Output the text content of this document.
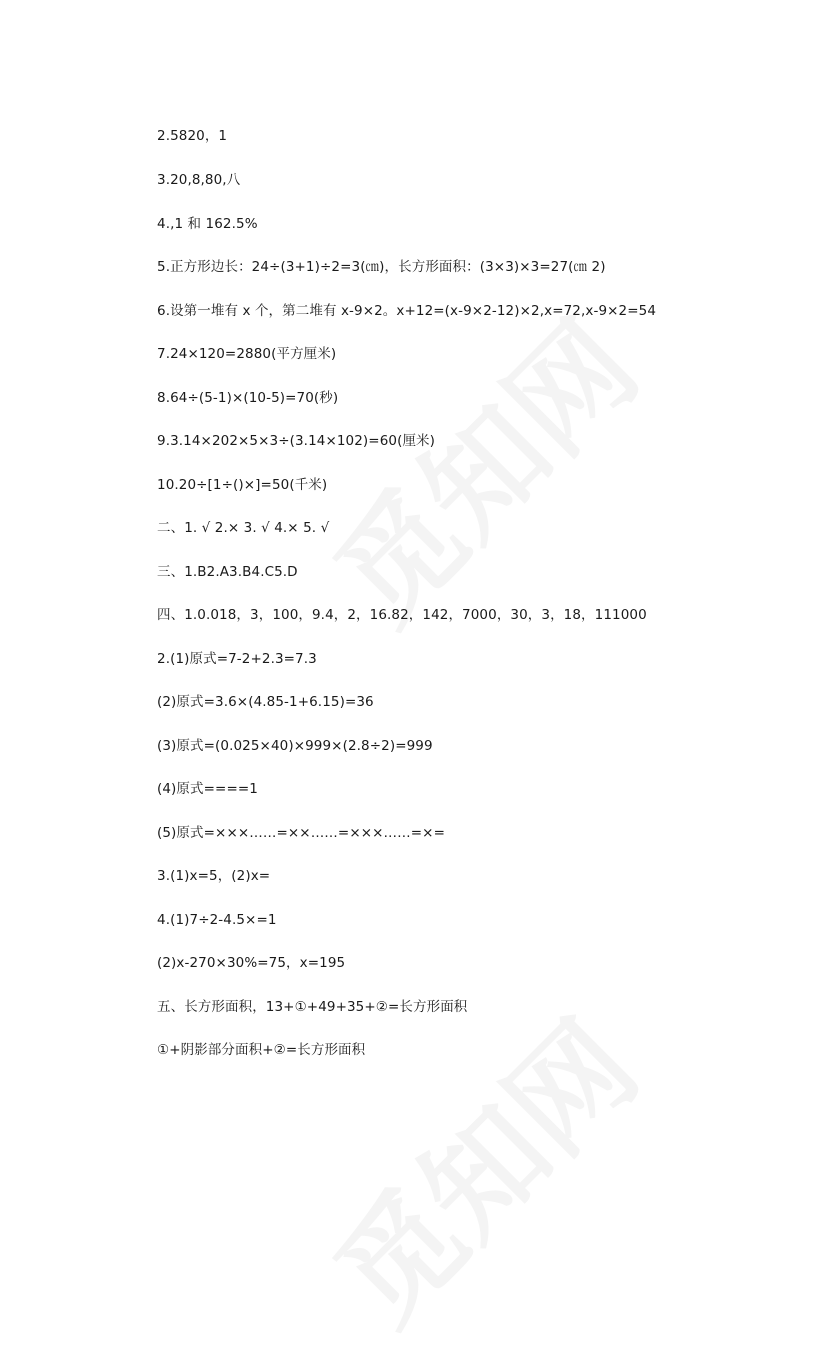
2.5820，1
3.20,8,80,八
4.,1 和 162.5%
5.正方形边长：24÷(3+1)÷2=3(㎝)，长方形面积：(3×3)×3=27(㎝ 2)
6.设第一堆有 x 个，第二堆有 x-9×2。x+12=(x-9×2-12)×2,x=72,x-9×2=54
7.24×120=2880(平方厘米)
8.64÷(5-1)×(10-5)=70(秒)
9.3.14×202×5×3÷(3.14×102)=60(厘米)
10.20÷[1÷()×]=50(千米)
二、1. √ 2.× 3. √ 4.× 5. √
三、1.B2.A3.B4.C5.D
四、1.0.018，3，100，9.4，2，16.82，142，7000，30，3，18，111000
2.(1)原式=7-2+2.3=7.3
(2)原式=3.6×(4.85-1+6.15)=36
(3)原式=(0.025×40)×999×(2.8÷2)=999
(4)原式====1
(5)原式=×××……=××……=×××……=×=
3.(1)x=5，(2)x=
4.(1)7÷2-4.5×=1
(2)x-270×30%=75，x=195
五、长方形面积，13+①+49+35+②=长方形面积
①+阴影部分面积+②=长方形面积
